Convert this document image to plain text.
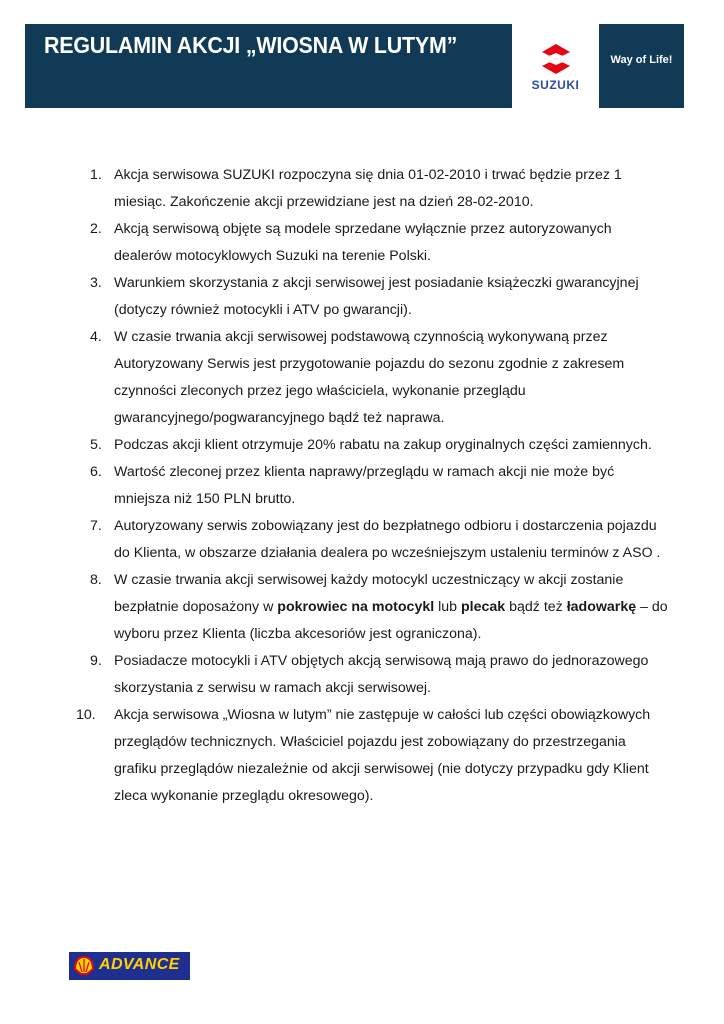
REGULAMIN AKCJI „WIOSNA W LUTYM”
SUZUKI
Way of Life!
1. Akcja serwisowa SUZUKI rozpoczyna się dnia 01-02-2010 i trwać będzie przez 1 miesiąc. Zakończenie akcji przewidziane jest na dzień 28-02-2010.
2. Akcją serwisową objęte są modele sprzedane wyłącznie przez autoryzowanych dealerów motocyklowych Suzuki na terenie Polski.
3. Warunkiem skorzystania z akcji serwisowej jest posiadanie książeczki gwarancyjnej (dotyczy również motocykli i ATV po gwarancji).
4. W czasie trwania akcji serwisowej podstawową czynnością wykonywaną przez Autoryzowany Serwis jest przygotowanie pojazdu do sezonu zgodnie z zakresem czynności zleconych przez jego właściciela, wykonanie przeglądu gwarancyjnego/pogwarancyjnego bądź też naprawa.
5. Podczas akcji klient otrzymuje 20% rabatu na zakup oryginalnych części zamiennych.
6. Wartość zleconej przez klienta naprawy/przeglądu w ramach akcji nie może być mniejsza niż 150 PLN brutto.
7. Autoryzowany serwis zobowiązany jest do bezpłatnego odbioru i dostarczenia pojazdu do Klienta, w obszarze działania dealera po wcześniejszym ustaleniu terminów z ASO .
8. W czasie trwania akcji serwisowej każdy motocykl uczestniczący w akcji zostanie bezpłatnie doposażony w pokrowiec na motocykl lub plecak bądź też ładowarkę – do wyboru przez Klienta (liczba akcesoriów jest ograniczona).
9. Posiadacze motocykli i ATV objętych akcją serwisową mają prawo do jednorazowego skorzystania z serwisu w ramach akcji serwisowej.
10. Akcja serwisowa „Wiosna w lutym” nie zastępuje w całości lub części obowiązkowych przeglądów technicznych. Właściciel pojazdu jest zobowiązany do przestrzegania grafiku przeglądów niezależnie od akcji serwisowej (nie dotyczy przypadku gdy Klient zleca wykonanie przeglądu okresowego).
ADVANCE
